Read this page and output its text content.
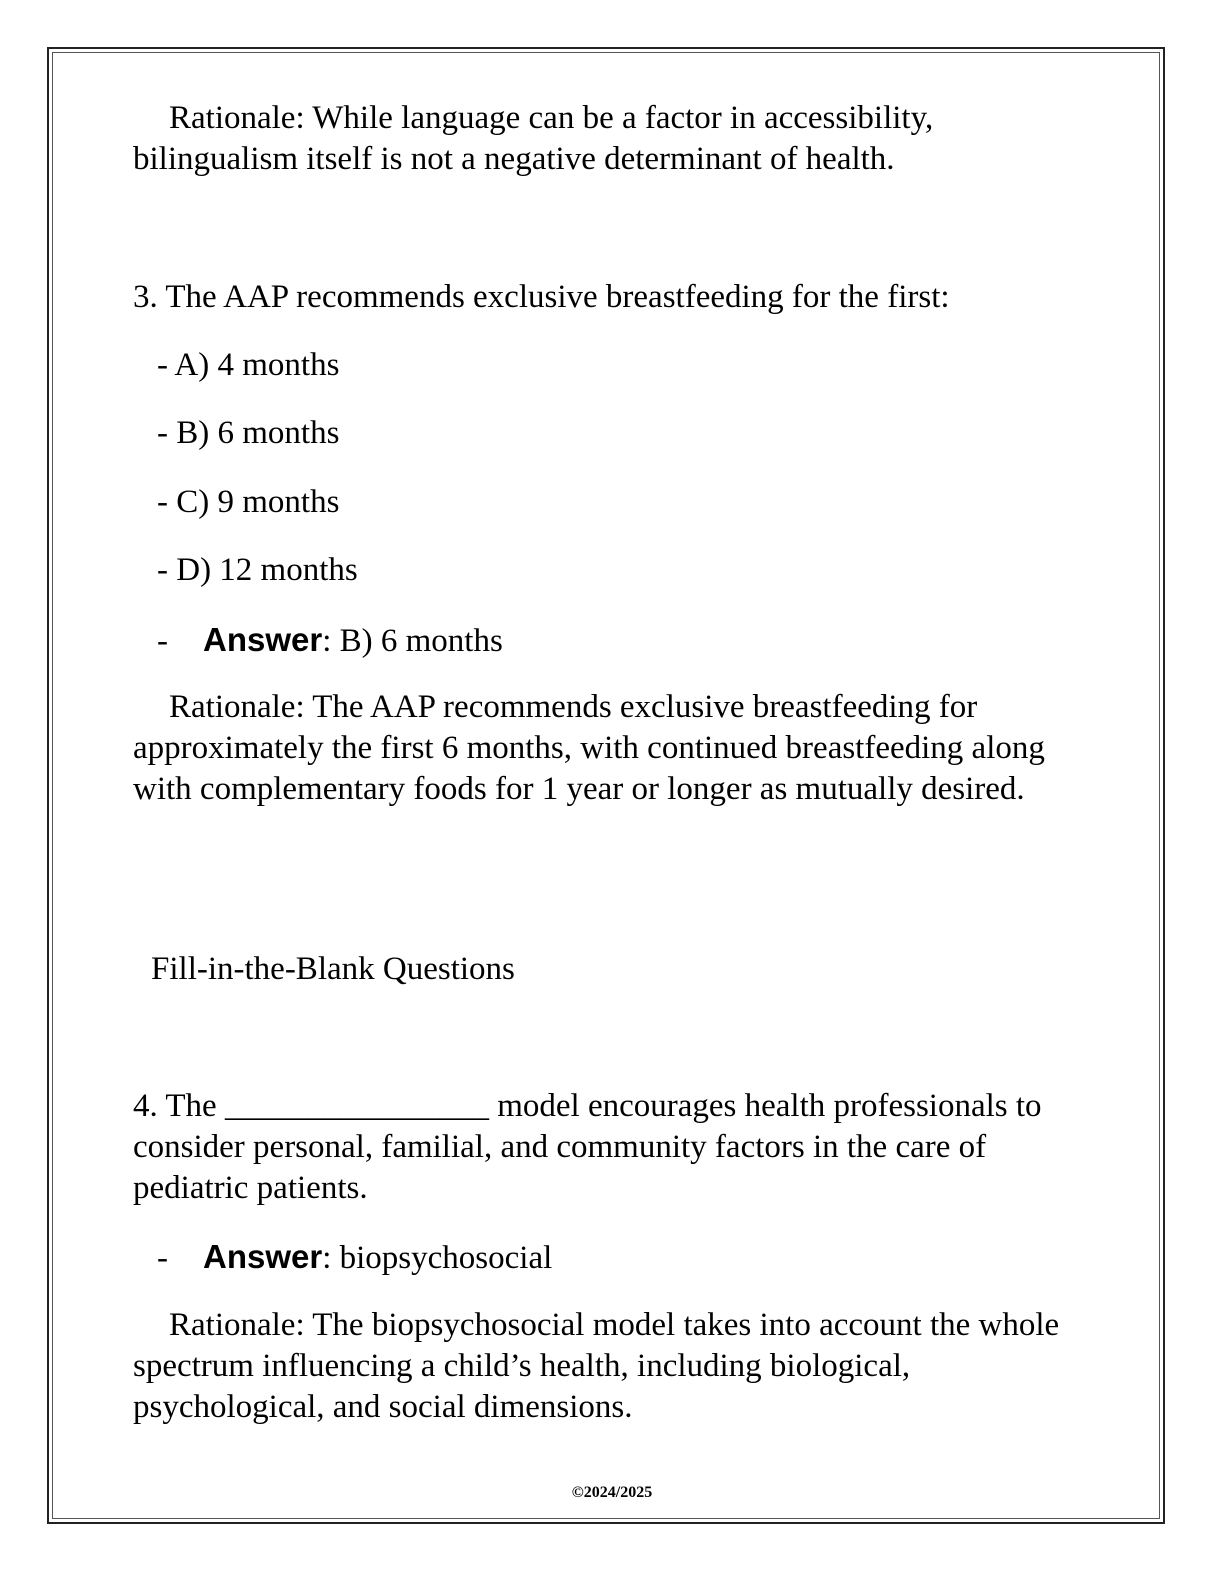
Rationale: While language can be a factor in accessibility, bilingualism itself is not a negative determinant of health.
3. The AAP recommends exclusive breastfeeding for the first:
- A) 4 months
- B) 6 months
- C) 9 months
- D) 12 months
- Answer: B) 6 months
Rationale: The AAP recommends exclusive breastfeeding for approximately the first 6 months, with continued breastfeeding along with complementary foods for 1 year or longer as mutually desired.
Fill-in-the-Blank Questions
4. The ________________ model encourages health professionals to consider personal, familial, and community factors in the care of pediatric patients.
- Answer: biopsychosocial
Rationale: The biopsychosocial model takes into account the whole spectrum influencing a child’s health, including biological, psychological, and social dimensions.
©2024/2025
